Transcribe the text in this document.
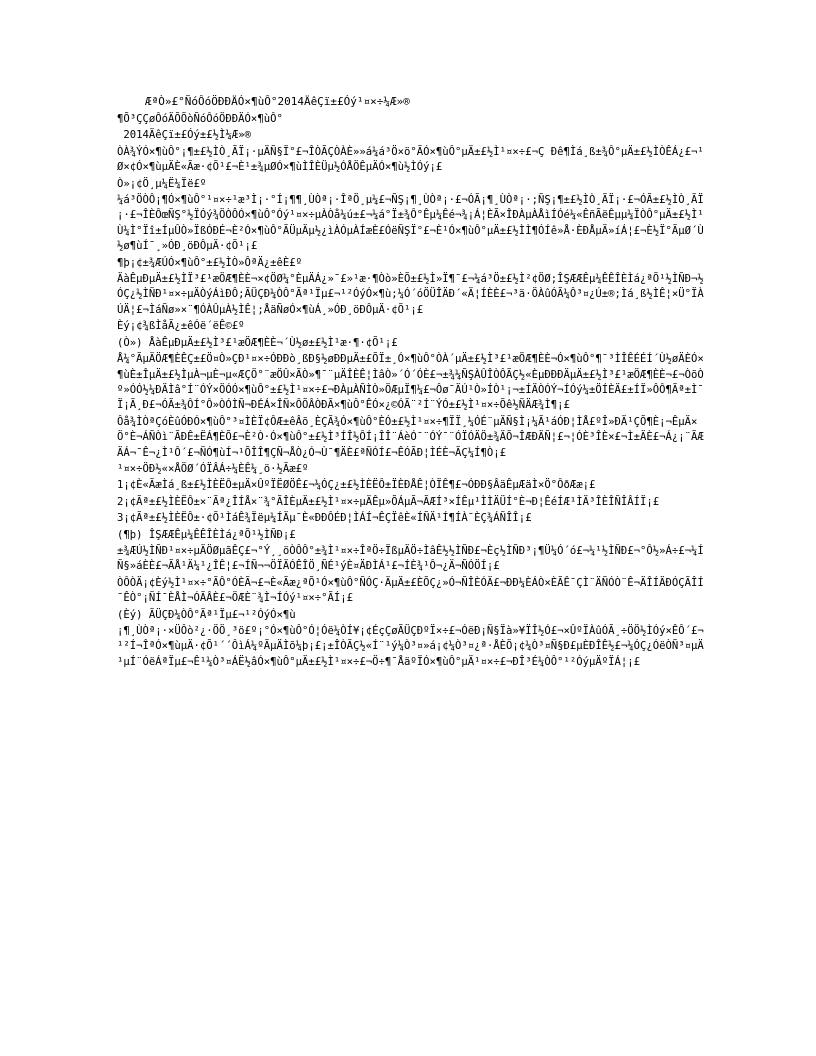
ÆªÒ»£°ÑóÔóÖÐÐÄÓ×¶ùÔ°2014ÄêÇï±£Óý¹¤×÷¼Æ»®
¶Õ³ÇÇøÔóÄÕÕòÑóÔóÖÐÐÄÓ×¶ùÔ°
2014ÄêÇï±£Óý±£½Ì¼Æ»®
ÒÀ¾ÝÓ×¶ùÔ°¡¶±£½ÌÒ¸ÃÏ¡·µÄÑ§Ï°£¬ÎÒÃÇÒÀÈ»»á¼á³Ö×ö°ÃÓ×¶ùÔ°µÄ±£½Ì¹¤×÷£¬Ç Ðê¶Ìá¸ß±¾Ô°µÄ±£½ÌÒÊÁ¿£¬¹Ø×¢Ó×¶ùµÄÈ«Ãæ·¢Õ¹£¬È¹±¾µØÓ×¶ùÌÎÈÜµ½ÓÅÖÊµÄÓ×¶ù½ÌÓý¡£
Ò»¡¢Ö¸µ¼Ë¼Ïë£º
¼á³ÖÒÔ¡¶Ó×¶ùÔ°¹¤×÷¹æ³Ì¡·°Í¡¶¶¸ÙÒª¡·ÎªÖ¸µ¼£¬ÑŞ¡¶¸ÙÒª¡·£¬ÓÃ¡¶¸ÙÒª¡·;ÑŞ¡¶±£½ÌÒ¸ÃÏ¡·£¬ÓÃ±£½ÌÒ¸ÃÏ¡·£¬ÎÈÔœÑŞ°½ÏÓý¾ÖÒÔÓ×¶ùÔ°Óý¹¤×÷µÀÒå¼ú±£¬¼á°Ï±¾Ô°Êµ¼Êé¬¾¡Á¦ÈÃ×ÎÐÀµÀÅìÍÓé¼«ÊñÃëÊµµ¼ÏÒÔ°µÄ±£½Ì¹Ù¼Ì°Ïî±ÍµÛÒ»ÏßÓÐÉ¬È²Ó×¶ùÔ°ÃÜµÄµ½¿ìÀÓµÀÍæÈ£ÓëÑŞÏ°£¬È¹Ó×¶ùÔ°µÄ±£½ÌÌ¶ÓÍê»Å·ÈÐÅµÄ»íÁ¦£¬È½Ï°ÃµØ´Ù½ø¶ùÍ¯¸»ÓÐ¸öÐÔµÄ·¢Õ¹¡£
¶þ¡¢±¾ÆÚÓ×¶ùÔ°±£½ÌÒ»ÔªÄ¿±êÈ£º
ÄàÊµÐµÄ±£½ÌÏ³£¹æÖÆ¶ÈÈ¬×¢ÖØ¼°ÈµÄÁ¿»¯£»¹æ·¶Òò»ÈÕ±£½Ì»Ï¶¯£¬¼á³Ö±£½Ì²¢ÖØ;ÎŞÆÆÊµ¼ÊÊÎÈÌá¿ªÕ¹½ÌÑÐ¬½ÓÇ¿½ÌÑÐ¹¤×÷µÄÒýÁìÐÔ;ÃÜÇÐ¼ÒÔ°Ãª¹Ïµ£¬¹²ÓýÓ×¶ù;¼Ó´óÖÜÎÄÐ´«Ä¦ÍÈÈ£¬³ä·ÖÀûÓÃ¼Ô³¤¿Ú±®;Ìá¸ß½ÌÊ¦×Ü°ÏÀÚÄ¦£¬ÌáÑø»×¨¶ÓÀÛµÀ½ÌÊ¦;ÅäÑøÓ×¶ùÁ¸»ÓÐ¸öÐÔµÄ·¢Õ¹¡£
Èý¡¢¾ßÌåÃ¿±êÓë´ëÊ©£º
(Ò») ÅàÊµÐµÄ±£½Ì³£¹æÖÆ¶ÈÈ¬´Ù½ø±£½Ì¹æ·¶·¢Õ¹¡£
Å¼°ÃµÄÖÆ¶ÈÊÇ±£Ö¤Ò»ÇÐ¹¤×÷ÓÐÐò¸ßÐ§½øÐÐµÄ±£ÕÏ±¸Ó×¶ùÔ°ÒÀ´µÄ±£½Ì³£¹æÖÆ¶ÈÈ¬Ó×¶ùÔ°¶¯³ÌÎÊÉÉÍ´Ù½øÄÈÓ×¶ùÈ±ÎµÄ±£½ÌµÀ¬µÈ¬µ«ÆÇÖ°¨æÖÛ×ÃÒ»¶¯¨µÄÎÈÊ¦ÌâÒ»´Ó´ÓÈ£¬±¾¼ÑŞÀÛÎÒÔÃÇ½«ÈµÐÐÐÄµÄ±£½Ì³£¹æÖÆ¶ÈÈ¬£¬ÒõÒº»ÓÓ½¼ÐÄÌâ°Í¨ÓÝ×ÖÓÓ×¶ùÔ°±£½Ì¹¤×÷£¬ÐÀµÀÑÌÒ»ÖÆµÏ¶¼£¬Ôø¯ÄÚ¹Ò»ÍÒ¹¡¬±ÍÄÒÓÝ¬ÍÓý¼±ÖÍÈÄ£±ÍÏ»ÔÔ¶Ãª±Ì¯Ï¡Ã¸Ð£¬ÓÃ±¾ÔÍ°Ô»ÒÓÌÑ¬ÐÉÁ×ÎÑ×ÔÕÂÒÐÃ×¶ùÔ°ÊÓ×¿©ÓÃ¨²Í¨ÝÓ±£½Ì¹¤×÷Õê½ÑÄÆ¾Ì¶¡£
Ôå¾ÌÒªÇóÈûÓÐÓ×¶ùÔ°³¤ÌÈÏ¢ÔÆ±êÂõ¸ÈÇÃ¾Ó×¶ùÔ°ÈÓ±£½Ì¹¤×÷¶ÏÏ¸¼ÓÉ¨µÄÑ§Ì¡¼Ã¹áÓÐ¦ÌÅ£ºÎ»ÐÄ¹ÇÕ¶È¡¬ÊµÄ×Ö°È¬ÁÑÒì¨ÃÐÊ±ËÁ¶ÈÕ£¬È²Ò·Ó×¶ùÔ°±£½Ì³ÍÎ½ÔÍ¡ÎÎ¨ÁèÓ¯¨ÓÝ¯¨ÓÏÓÄÖ±¾ÄÕ¬ÎÆÐÄÑ¦£¬¦ÓÈ³ÎÈ×£¬Ì±ÄÈ£¬Á¿¡¨ÃÆÄÁ¬¯Ê¬¿Ì¹Ô´£¬ÑÓ¶ùÍ¬¹ÕÎÎ¶ÇÑ¬ÅÒ¿Ó¬Ù¯¶ÄÈ£ªÑÓÍ£¬ÊÓÃÐ¦ÌÉÈ¬ÃÇ¼Í¶Ò¡£
¹¤×÷ÖÐ½«×ÅÖØ´ÓÏÂÁ÷¼ÈÊ¼¸ö·½Ãæ£º
1¡¢È«ÃæÌá¸ß±£½ÌÈËÔ±µÄ×ÛºÏËØÖÊ£¬¼ÓÇ¿±£½ÌÈËÔ±ÏÈÐÅÊ¦ÒÏÊ¶£¬ÓÐÐ§ÂäÊµÆäÌ×Ö°ÔðÆæ¡£
2¡¢Ãª±£½ÌÈËÔ±×¨Ãª¿ÎÍÅ×¨¾°ÃÎÈµÄ±£½Ì¹¤×÷µÄÊµ»ÕÁµÃ¬ÃÆÍ³×ÍÊµ¹ÌÌÄÜÍ°È¬Ð¦ÊéÍÆ¹ÌÄ³ÎÈÎÑÎÂÍÏ¡£
3¡¢Ãª±£½ÌÈËÔ±·¢Õ¹ÌáÊ¾Ïëµ¼ÍÄµ¯È«ÐÐÔÉÐ¦ÌÁÍ¬ÊÇÏêÈ«ÍÑÄ¹Í¶ÍÀ¯ÈÇ¾ÁÑÎÎ¡£
(¶þ) ÎŞÆÆÊµ¼ÊÊÎÈÌá¿ªÕ¹½ÌÑÐ¡£
±¾ÆÚ½ÌÑÐ¹¤×÷µÄÖØµãÊÇ£¬°Ý¸¸öÒÔÔ°±¾Ì¹¤×÷ÎªÖ÷ÏßµÄÖ÷ÌâÊ½½ÌÑÐ£¬Èç½ÌÑÐ³¡¶Ü¼Ó´ó£¬¼¹½ÌÑÐ£¬°Ô½»Á÷£¬¼ÍÑ§»áÈÈ£¬ÃÅ¹Ä¼¹¿ÎÊ¦£¬ÍÑ¬¬ÖÏÄÓÊÎÖ¸ÑÉ¹ýÈ¤ÄÐÌÁ¹£¬ÍÈ¾¹Ô¬¿Ä¬ÑÓÖÍ¡£
ÒÔÒÄ¡¢Èý½Ì¹¤×÷°ÃÔ°ÓÈÃ¬£¬È«Ãæ¿ªÕ¹Ó×¶ùÔ°ÑÓÇ·ÄµÄ±£ÈÕÇ¿»Ó¬ÑÎÈÓÄ£¬ÐÐ¼ÈÁÒ×ÈÃÊ¯ÇÌ¨ÄÑÓÒ¨Ê¬ÄÎÍÄÐÓÇÃÎÍ¯ÊÒ°¡ÑÍ¯ÈÅÌ¬ÓÃÂÈ£¬ÖÆÈ¨¾Ì¬ÍÓý¹¤×÷°ÃÍ¡£
(Èý) ÃÜÇÐ¼ÒÔ°Ãª¹Ïµ£¬¹²ÓýÓ×¶ù
¡¶¸ÙÒª¡·×ÜÔò²¿·ÖÖ¸³ö£º¡°Ó×¶ùÔ°Ó¦Óë¼ÒÍ¥¡¢ÉçÇøÃÜÇÐºÏ×÷£¬ÓëÐ¡Ñ§Ïà»¥ÏÎ½Ó£¬×ÛºÏÀûÓÃ¸÷ÖÖ½ÌÓý×ÊÔ´£¬¹²Í¬ÎªÓ×¶ùµÄ·¢Õ¹´´ÔìÁ¼ºÃµÄÌõ¼þ¡£¡±ÎÒÃÇ½«Í¨¹ý¼Ò³¤»á¡¢¼Ò³¤¿ª·ÅÈÕ¡¢¼Ò³¤Ñ§Ð£µÈÐÎÊ½£¬¼ÓÇ¿ÓëÒÑ³¤µÄ¹µÍ¨ÓëÁªÏµ£¬Ê¹¼Ò³¤ÁË½âÓ×¶ùÔ°µÄ±£½Ì¹¤×÷£¬Ö÷¶¯ÅäºÏÓ×¶ùÔ°µÄ¹¤×÷£¬ÐÎ³É¼ÒÔ°¹²ÓýµÄºÏÁ¦¡£
